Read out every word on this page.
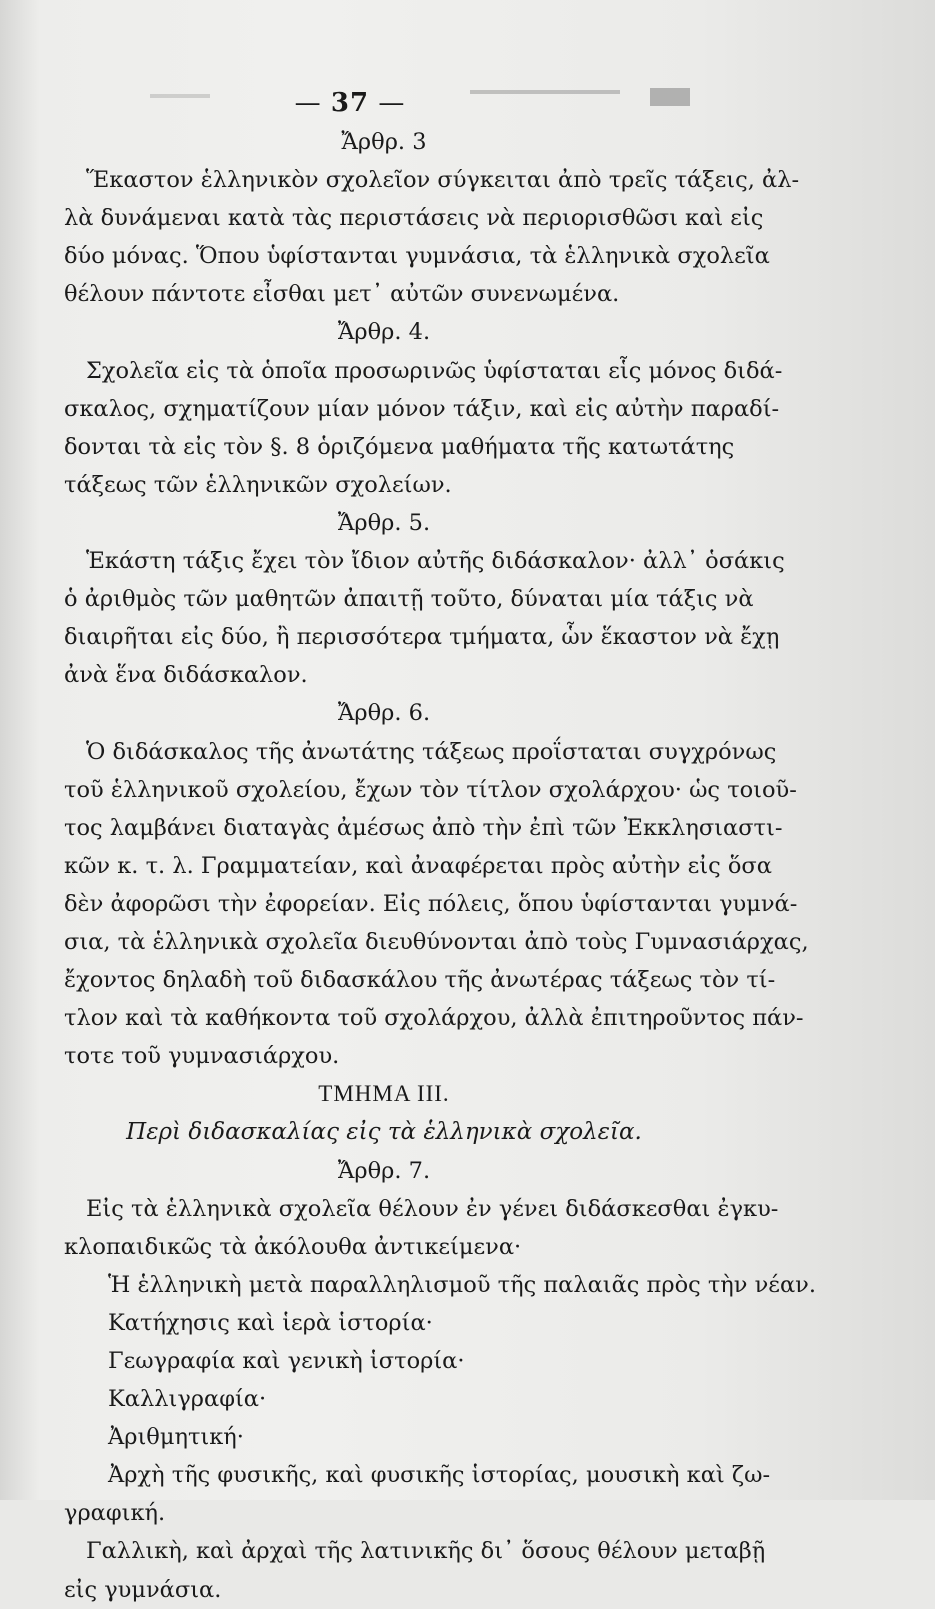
— 37 —
Ἄρθρ. 3
Ἕκαστον ἑλληνικὸν σχολεῖον σύγκειται ἀπὸ τρεῖς τάξεις, ἀλ-
λὰ δυνάμεναι κατὰ τὰς περιστάσεις νὰ περιορισθῶσι καὶ εἰς
δύο μόνας. Ὅπου ὑφίστανται γυμνάσια, τὰ ἑλληνικὰ σχολεῖα
θέλουν πάντοτε εἶσθαι μετ᾽ αὐτῶν συνενωμένα.
Ἄρθρ. 4.
Σχολεῖα εἰς τὰ ὁποῖα προσωρινῶς ὑφίσταται εἷς μόνος διδά-
σκαλος, σχηματίζουν μίαν μόνον τάξιν, καὶ εἰς αὐτὴν παραδί-
δονται τὰ εἰς τὸν §. 8 ὁριζόμενα μαθήματα τῆς κατωτάτης
τάξεως τῶν ἑλληνικῶν σχολείων.
Ἄρθρ. 5.
Ἑκάστη τάξις ἔχει τὸν ἴδιον αὐτῆς διδάσκαλον· ἀλλ᾽ ὁσάκις
ὁ ἀριθμὸς τῶν μαθητῶν ἀπαιτῇ τοῦτο, δύναται μία τάξις νὰ
διαιρῆται εἰς δύο, ἢ περισσότερα τμήματα, ὧν ἕκαστον νὰ ἔχῃ
ἀνὰ ἕνα διδάσκαλον.
Ἄρθρ. 6.
Ὁ διδάσκαλος τῆς ἀνωτάτης τάξεως προΐσταται συγχρόνως
τοῦ ἑλληνικοῦ σχολείου, ἔχων τὸν τίτλον σχολάρχου· ὡς τοιοῦ-
τος λαμβάνει διαταγὰς ἀμέσως ἀπὸ τὴν ἐπὶ τῶν Ἐκκλησιαστι-
κῶν κ. τ. λ. Γραμματείαν, καὶ ἀναφέρεται πρὸς αὐτὴν εἰς ὅσα
δὲν ἀφορῶσι τὴν ἐφορείαν. Εἰς πόλεις, ὅπου ὑφίστανται γυμνά-
σια, τὰ ἑλληνικὰ σχολεῖα διευθύνονται ἀπὸ τοὺς Γυμνασιάρχας,
ἔχοντος δηλαδὴ τοῦ διδασκάλου τῆς ἀνωτέρας τάξεως τὸν τί-
τλον καὶ τὰ καθήκοντα τοῦ σχολάρχου, ἀλλὰ ἐπιτηροῦντος πάν-
τοτε τοῦ γυμνασιάρχου.
ΤΜΗΜΑ III.
Περὶ διδασκαλίας εἰς τὰ ἑλληνικὰ σχολεῖα.
Ἄρθρ. 7.
Εἰς τὰ ἑλληνικὰ σχολεῖα θέλουν ἐν γένει διδάσκεσθαι ἐγκυ-
κλοπαιδικῶς τὰ ἀκόλουθα ἀντικείμενα·
Ἡ ἑλληνικὴ μετὰ παραλληλισμοῦ τῆς παλαιᾶς πρὸς τὴν νέαν.
Κατήχησις καὶ ἱερὰ ἱστορία·
Γεωγραφία καὶ γενικὴ ἱστορία·
Καλλιγραφία·
Ἀριθμητική·
Ἀρχὴ τῆς φυσικῆς, καὶ φυσικῆς ἱστορίας, μουσικὴ καὶ ζω-
γραφική.
Γαλλικὴ, καὶ ἀρχαὶ τῆς λατινικῆς δι᾽ ὅσους θέλουν μεταβῇ
εἰς γυμνάσια.
